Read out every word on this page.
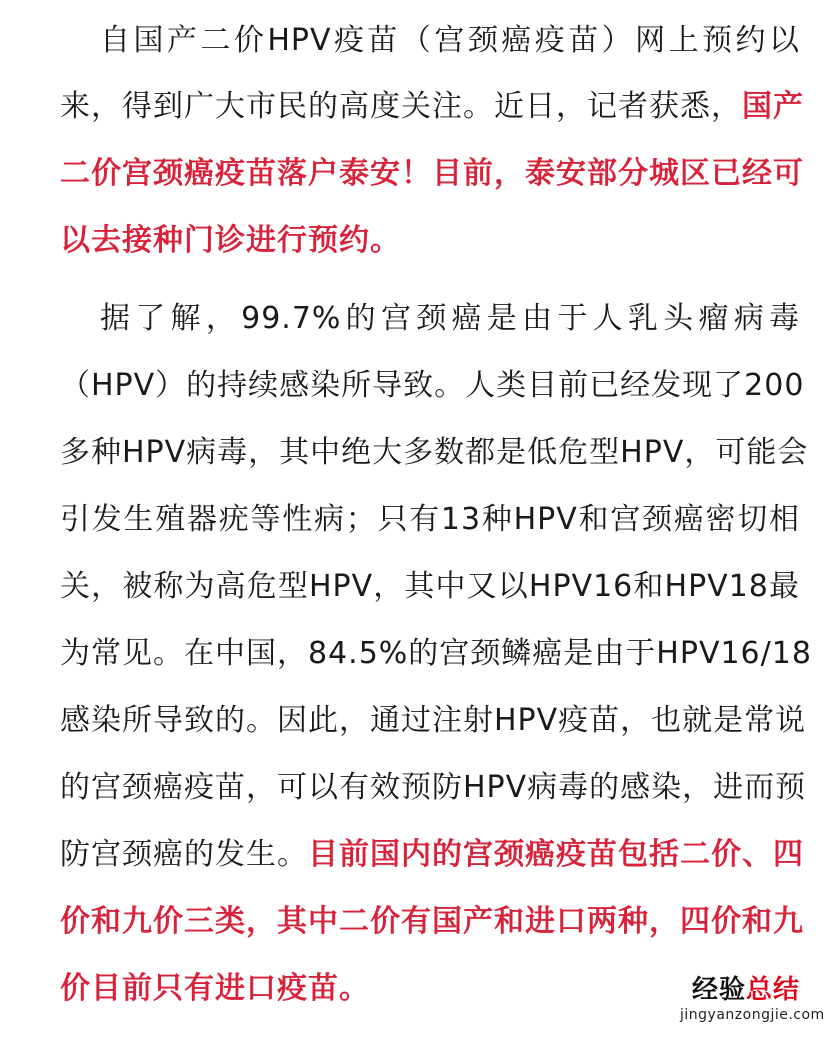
自国产二价HPV疫苗（宫颈癌疫苗）网上预约以
来，得到广大市民的高度关注。近日，记者获悉，国产
二价宫颈癌疫苗落户泰安！目前，泰安部分城区已经可
以去接种门诊进行预约。
据了解，99.7%的宫颈癌是由于人乳头瘤病毒
（HPV）的持续感染所导致。人类目前已经发现了200
多种HPV病毒，其中绝大多数都是低危型HPV，可能会
引发生殖器疣等性病；只有13种HPV和宫颈癌密切相
关，被称为高危型HPV，其中又以HPV16和HPV18最
为常见。在中国，84.5%的宫颈鳞癌是由于HPV16/18
感染所导致的。因此，通过注射HPV疫苗，也就是常说
的宫颈癌疫苗，可以有效预防HPV病毒的感染，进而预
防宫颈癌的发生。目前国内的宫颈癌疫苗包括二价、四
价和九价三类，其中二价有国产和进口两种，四价和九
价目前只有进口疫苗。	经验总结
jingyanzongjie.com
